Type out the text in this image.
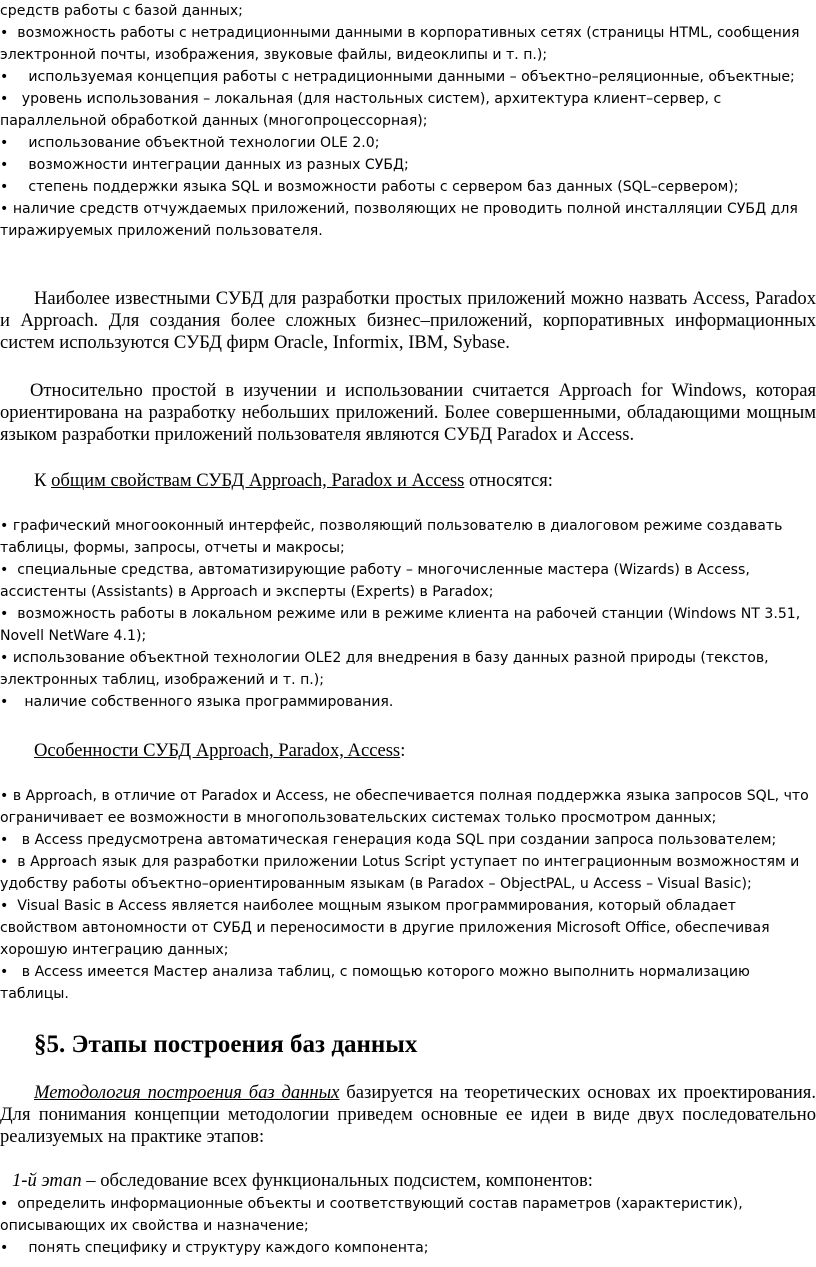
средств работы с базой данных;

• возможность работы с нетрадиционными данными в корпоративных сетях (страницы HTML, сообщения электронной почты, изображения, звуковые файлы, видеоклипы и т. п.);

• используемая концепция работы с нетрадиционными данными – объектно–реляционные, объектные;

• уровень использования – локальная (для настольных систем), архитектура клиент–сервер, с параллельной обработкой данных (многопроцессорная);

• использование объектной технологии OLE 2.0;

• возможности интеграции данных из разных СУБД;

• степень поддержки языка SQL и возможности работы с сервером баз данных (SQL–сервером);

• наличие средств отчуждаемых приложений, позволяющих не проводить полной инсталляции СУБД для тиражируемых приложений пользователя.

Наиболее известными СУБД для разработки простых приложений можно назвать Access, Paradox и Approach. Для создания более сложных бизнес–приложений, корпоративных информационных систем используются СУБД фирм Oracle, Informix, IBM, Sybase.

Относительно простой в изучении и использовании считается Approach for Windows, которая ориентирована на разработку небольших приложений. Более совершенными, обладающими мощным языком разработки приложений пользователя являются СУБД Paradox и Access.

К общим свойствам СУБД Approach, Paradox и Access относятся:

• графический многооконный интерфейс, позволяющий пользователю в диалоговом режиме создавать таблицы, формы, запросы, отчеты и макросы;

• специальные средства, автоматизирующие работу – многочисленные мастера (Wizards) в Access, ассистенты (Assistants) в Approach и эксперты (Experts) в Paradox;

• возможность работы в локальном режиме или в режиме клиента на рабочей станции (Windows NT 3.51, Novell NetWare 4.1);

• использование объектной технологии OLE2 для внедрения в базу данных разной природы (текстов, электронных таблиц, изображений и т. п.);

• наличие собственного языка программирования.

Особенности СУБД Approach, Paradox, Access:

• в Approach, в отличие от Paradox и Access, не обеспечивается полная поддержка языка запросов SQL, что ограничивает ее возможности в многопользовательских системах только просмотром данных;

• в Access предусмотрена автоматическая генерация кода SQL при создании запроса пользователем;

• в Approach язык для разработки приложении Lotus Script уступает по интеграционным возможностям и удобству работы объектно–ориентированным языкам (в Paradox – ObjectPAL, u Access – Visual Basic);

• Visual Basic в Access является наиболее мощным языком программирования, который обладает свойством автономности от СУБД и переносимости в другие приложения Microsoft Office, обеспечивая хорошую интеграцию данных;

• в Access имеется Мастер анализа таблиц, с помощью которого можно выполнить нормализацию таблицы.

§5. Этапы построения баз данных

Методология построения баз данных базируется на теоретических основах их проектирования. Для понимания концепции методологии приведем основные ее идеи в виде двух последовательно реализуемых на практике этапов:

1-й этап – обследование всех функциональных подсистем, компонентов:

• определить информационные объекты и соответствующий состав параметров (характеристик), описывающих их свойства и назначение;

• понять специфику и структуру каждого компонента;
